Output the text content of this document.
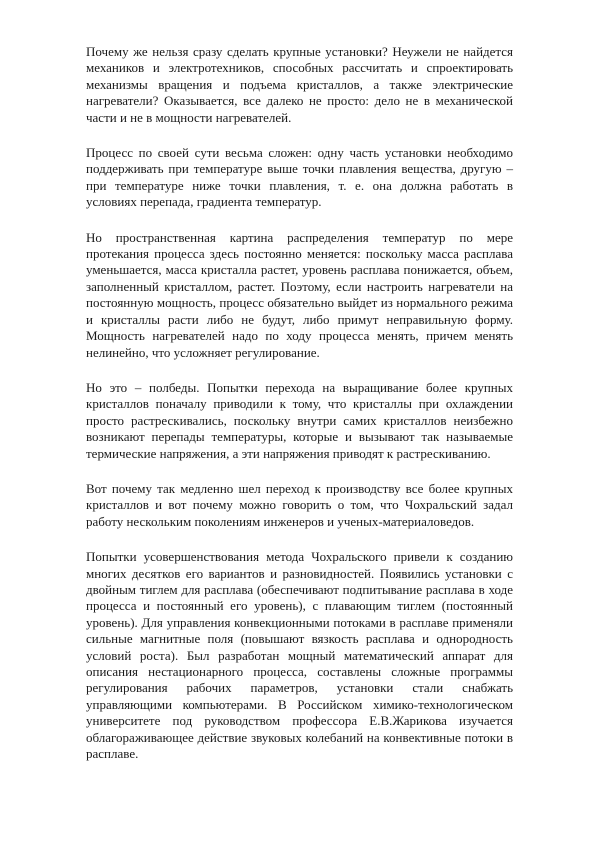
Почему же нельзя сразу сделать крупные установки? Неужели не найдется механиков и электротехников, способных рассчитать и спроектировать механизмы вращения и подъема кристаллов, а также электрические нагреватели? Оказывается, все далеко не просто: дело не в механической части и не в мощности нагревателей.

Процесс по своей сути весьма сложен: одну часть установки необходимо поддерживать при температуре выше точки плавления вещества, другую – при температуре ниже точки плавления, т. е. она должна работать в условиях перепада, градиента температур.

Но пространственная картина распределения температур по мере протекания процесса здесь постоянно меняется: поскольку масса расплава уменьшается, масса кристалла растет, уровень расплава понижается, объем, заполненный кристаллом, растет. Поэтому, если настроить нагреватели на постоянную мощность, процесс обязательно выйдет из нормального режима и кристаллы расти либо не будут, либо примут неправильную форму. Мощность нагревателей надо по ходу процесса менять, причем менять нелинейно, что усложняет регулирование.

Но это – полбеды. Попытки перехода на выращивание более крупных кристаллов поначалу приводили к тому, что кристаллы при охлаждении просто растрескивались, поскольку внутри самих кристаллов неизбежно возникают перепады температуры, которые и вызывают так называемые термические напряжения, а эти напряжения приводят к растрескиванию.

Вот почему так медленно шел переход к производству все более крупных кристаллов и вот почему можно говорить о том, что Чохральский задал работу нескольким поколениям инженеров и ученых-материаловедов.

Попытки усовершенствования метода Чохральского привели к созданию многих десятков его вариантов и разновидностей. Появились установки с двойным тиглем для расплава (обеспечивают подпитывание расплава в ходе процесса и постоянный его уровень), с плавающим тиглем (постоянный уровень). Для управления конвекционными потоками в расплаве применяли сильные магнитные поля (повышают вязкость расплава и однородность условий роста). Был разработан мощный математический аппарат для описания нестационарного процесса, составлены сложные программы регулирования рабочих параметров, установки стали снабжать управляющими компьютерами. В Российском химико-технологическом университете под руководством профессора Е.В.Жарикова изучается облагораживающее действие звуковых колебаний на конвективные потоки в расплаве.
